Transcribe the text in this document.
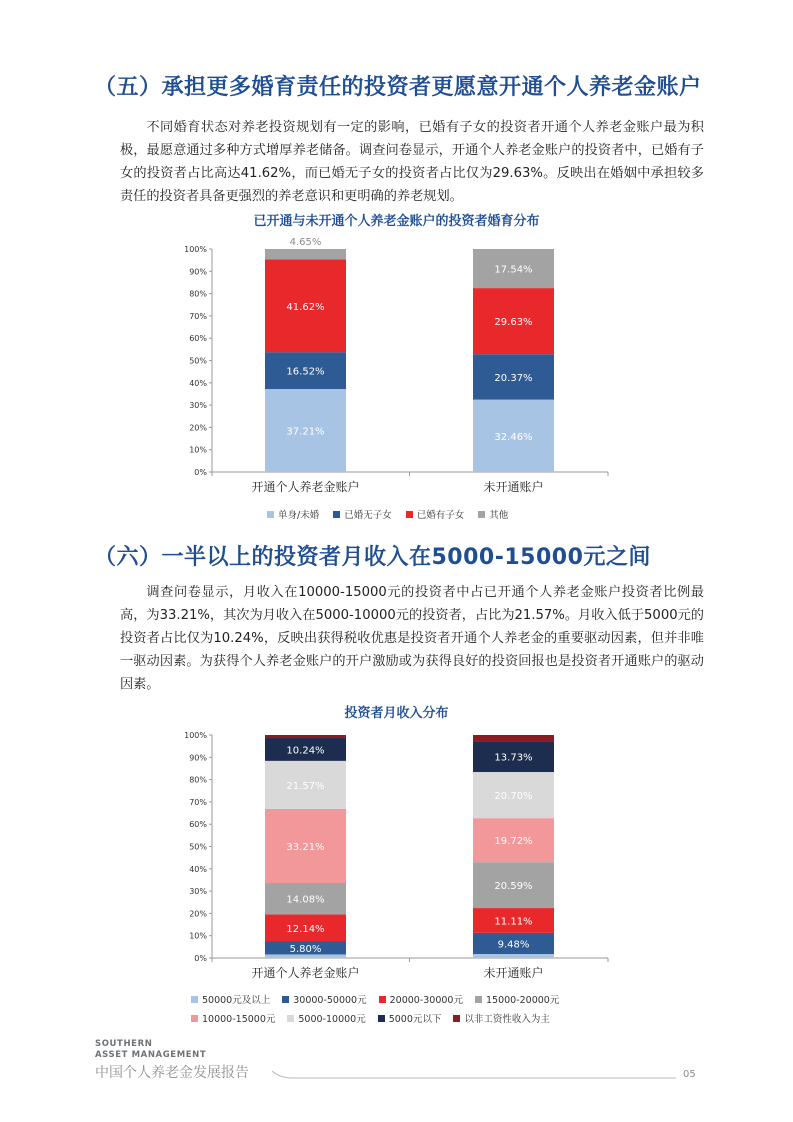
（五）承担更多婚育责任的投资者更愿意开通个人养老金账户

不同婚育状态对养老投资规划有一定的影响，已婚有子女的投资者开通个人养老金账户最为积极，最愿意通过多种方式增厚养老储备。调查问卷显示，开通个人养老金账户的投资者中，已婚有子女的投资者占比高达41.62%，而已婚无子女的投资者占比仅为29.63%。反映出在婚姻中承担较多责任的投资者具备更强烈的养老意识和更明确的养老规划。

已开通与未开通个人养老金账户的投资者婚育分布
0%
10%
20%
30%
40%
50%
60%
70%
80%
90%
100%
37.21%
16.52%
41.62%
4.65%
开通个人养老金账户
32.46%
20.37%
29.63%
17.54%
未开通账户
单身/未婚	已婚无子女	已婚有子女	其他
（六）一半以上的投资者月收入在5000-15000元之间

调查问卷显示，月收入在10000-15000元的投资者中占已开通个人养老金账户投资者比例最高，为33.21%，其次为月收入在5000-10000元的投资者，占比为21.57%。月收入低于5000元的投资者占比仅为10.24%，反映出获得税收优惠是投资者开通个人养老金的重要驱动因素，但并非唯一驱动因素。为获得个人养老金账户的开户激励或为获得良好的投资回报也是投资者开通账户的驱动因素。

投资者月收入分布
0%
10%
20%
30%
40%
50%
60%
70%
80%
90%
100%
5.80%
12.14%
14.08%
33.21%
21.57%
10.24%
开通个人养老金账户
9.48%
11.11%
20.59%
19.72%
20.70%
13.73%
未开通账户
50000元及以上 30000-50000元 20000-30000元 15000-20000元
10000-15000元 5000-10000元 5000元以下 以非工资性收入为主
SOUTHERN
ASSET MANAGEMENT
中国个人养老金发展报告	05
